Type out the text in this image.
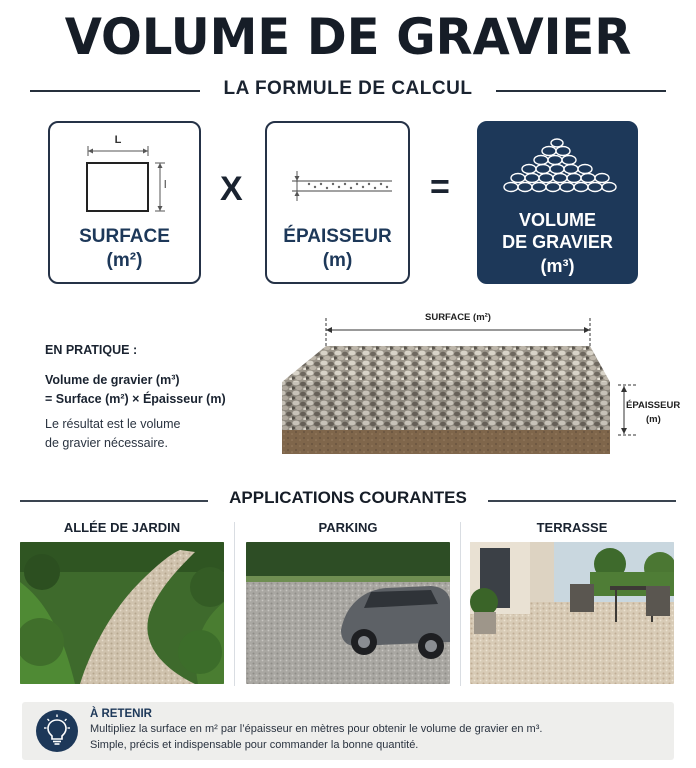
VOLUME DE GRAVIER
LA FORMULE DE CALCUL
L
l
SURFACE
(m²)
X
ÉPAISSEUR
(m)
=
VOLUME
DE GRAVIER
(m³)
EN PRATIQUE :
Volume de gravier (m³)
= Surface (m²) × Épaisseur (m)
Le résultat est le volume
de gravier nécessaire.
SURFACE (m²)
ÉPAISSEUR
(m)
APPLICATIONS COURANTES
ALLÉE DE JARDIN	PARKING	TERRASSE
À RETENIR
Multipliez la surface en m² par l’épaisseur en mètres pour obtenir le volume de gravier en m³.
Simple, précis et indispensable pour commander la bonne quantité.
